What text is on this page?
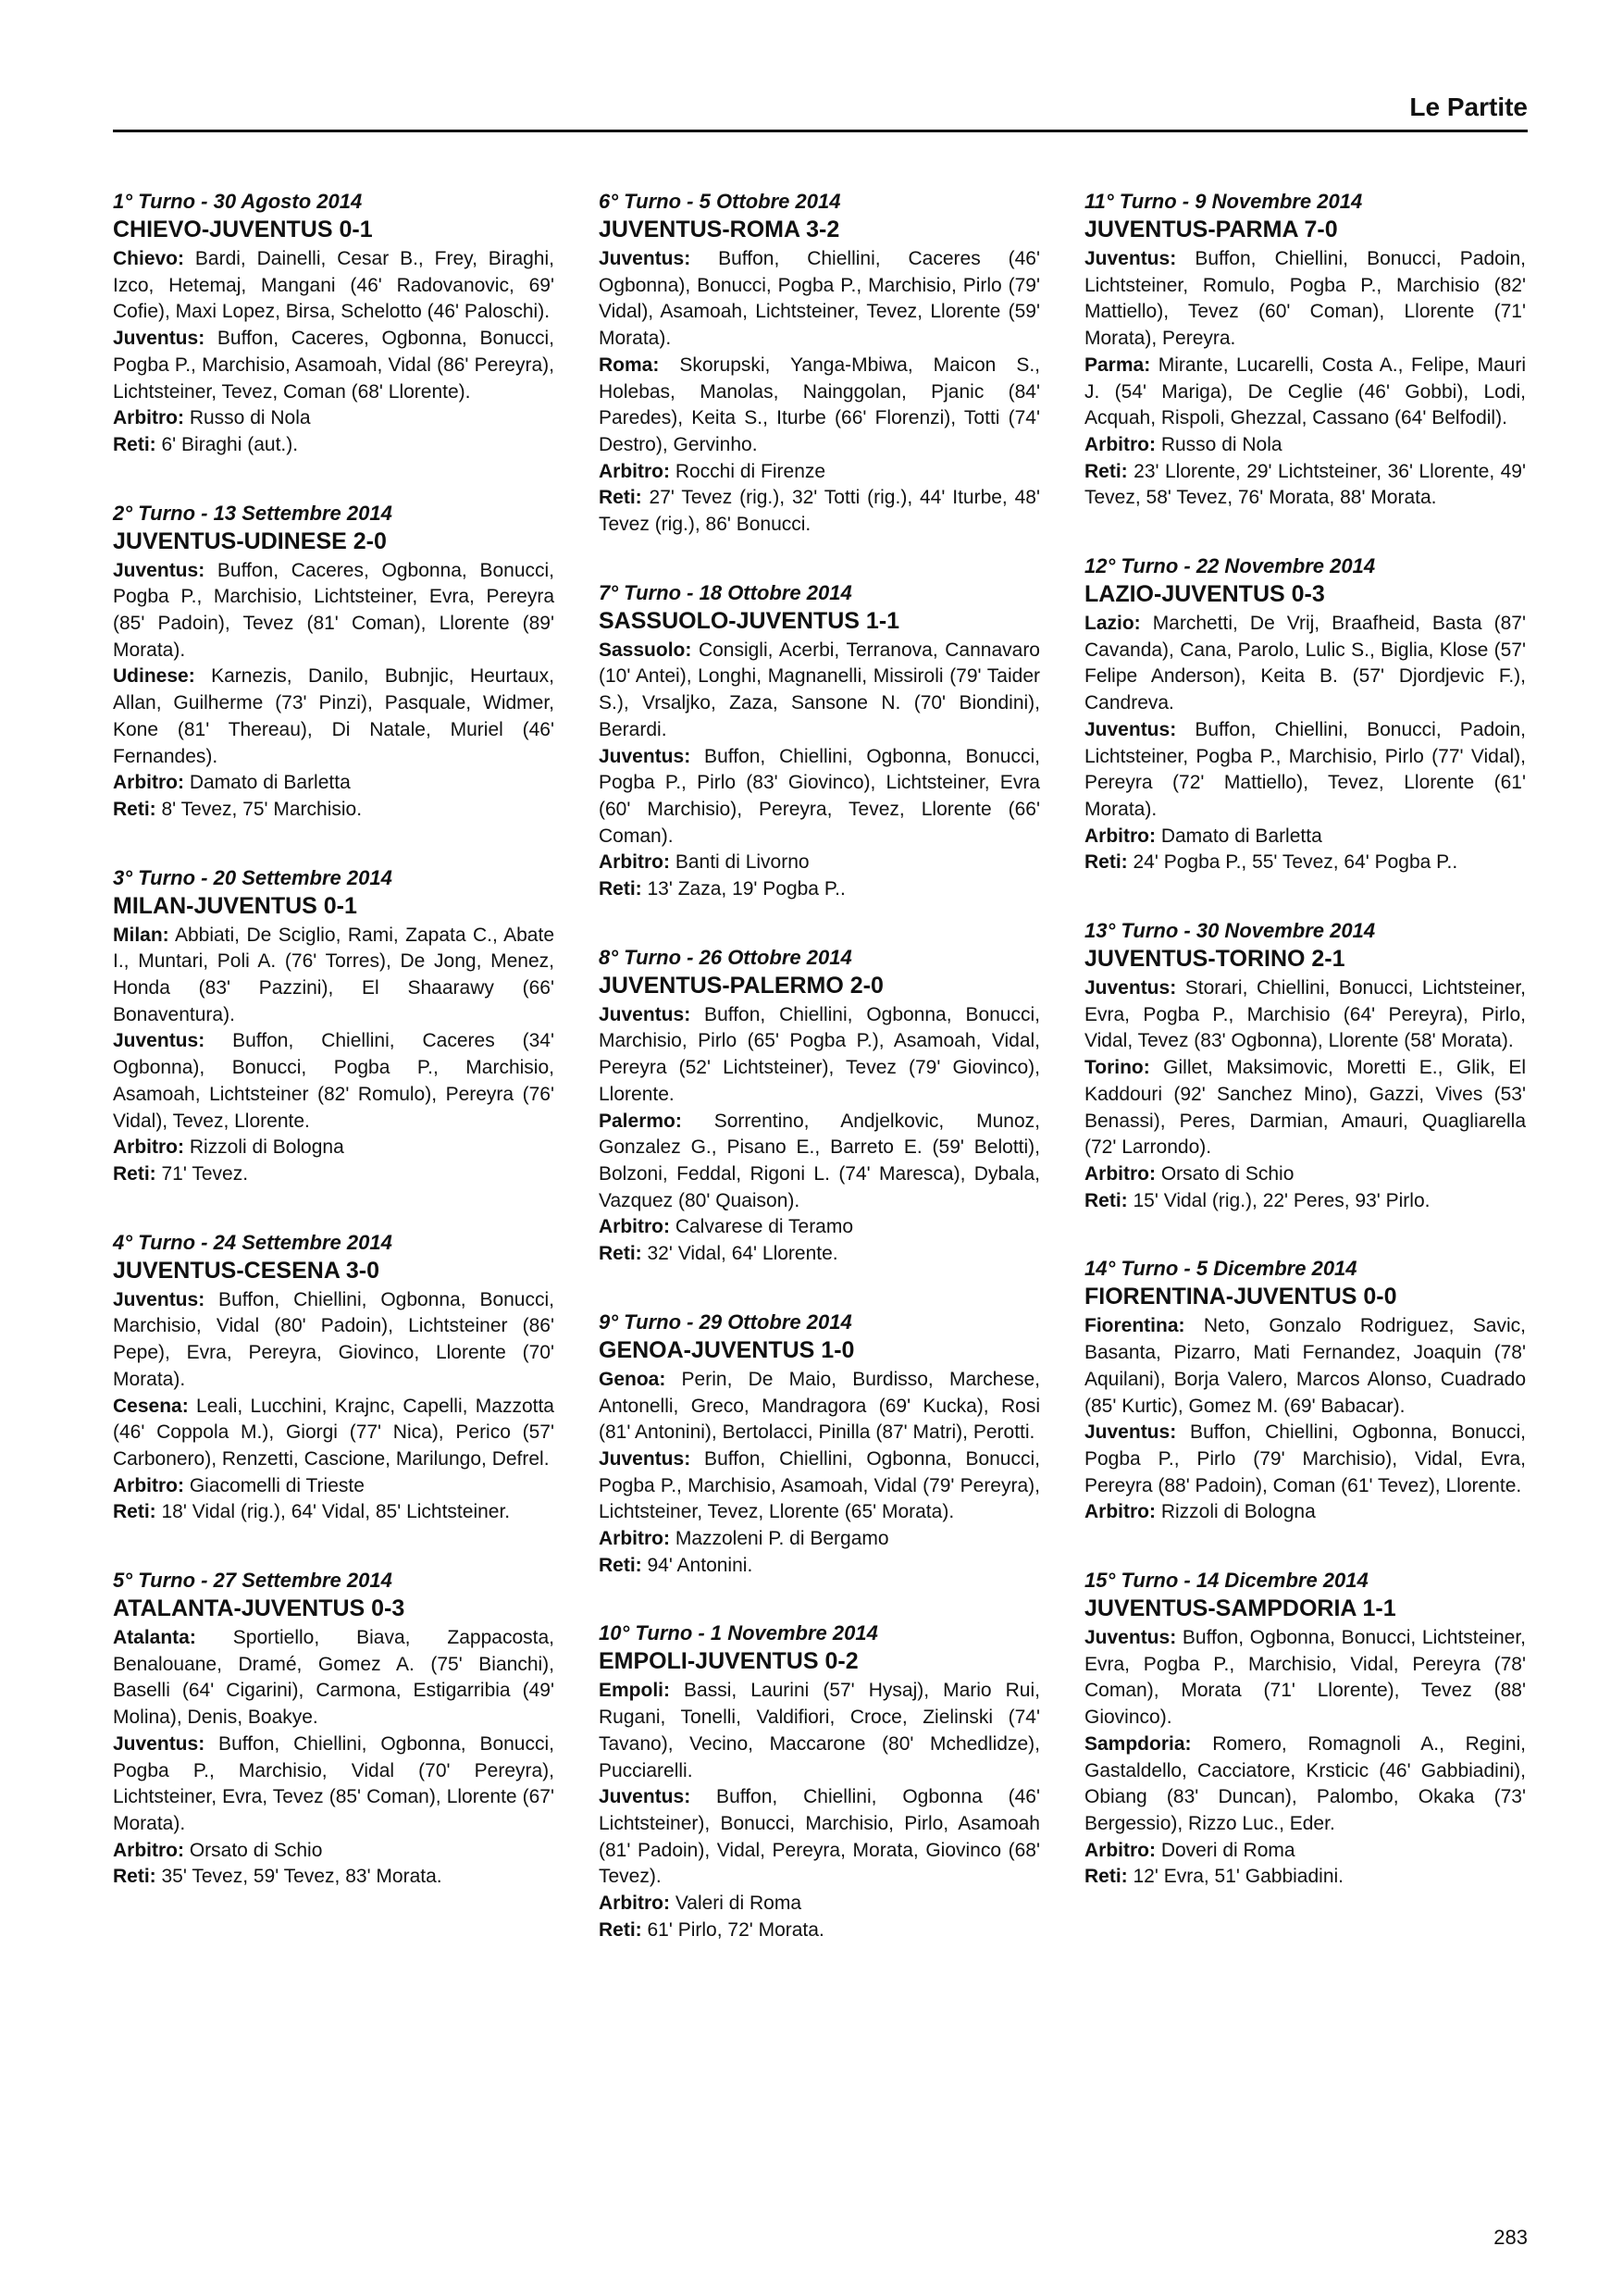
Le Partite
1° Turno - 30 Agosto 2014
CHIEVO-JUVENTUS 0-1

Chievo: Bardi, Dainelli, Cesar B., Frey, Biraghi, Izco, Hetemaj, Mangani (46' Radovanovic, 69' Cofie), Maxi Lopez, Birsa, Schelotto (46' Paloschi).

Juventus: Buffon, Caceres, Ogbonna, Bonucci, Pogba P., Marchisio, Asamoah, Vidal (86' Pereyra), Lichtsteiner, Tevez, Coman (68' Llorente).

Arbitro: Russo di Nola

Reti: 6' Biraghi (aut.).

2° Turno - 13 Settembre 2014
JUVENTUS-UDINESE 2-0

Juventus: Buffon, Caceres, Ogbonna, Bonucci, Pogba P., Marchisio, Lichtsteiner, Evra, Pereyra (85' Padoin), Tevez (81' Coman), Llorente (89' Morata).

Udinese: Karnezis, Danilo, Bubnjic, Heurtaux, Allan, Guilherme (73' Pinzi), Pasquale, Widmer, Kone (81' Thereau), Di Natale, Muriel (46' Fernandes).

Arbitro: Damato di Barletta

Reti: 8' Tevez, 75' Marchisio.

3° Turno - 20 Settembre 2014
MILAN-JUVENTUS 0-1

Milan: Abbiati, De Sciglio, Rami, Zapata C., Abate I., Muntari, Poli A. (76' Torres), De Jong, Menez, Honda (83' Pazzini), El Shaarawy (66' Bonaventura).

Juventus: Buffon, Chiellini, Caceres (34' Ogbonna), Bonucci, Pogba P., Marchisio, Asamoah, Lichtsteiner (82' Romulo), Pereyra (76' Vidal), Tevez, Llorente.

Arbitro: Rizzoli di Bologna

Reti: 71' Tevez.

4° Turno - 24 Settembre 2014
JUVENTUS-CESENA 3-0

Juventus: Buffon, Chiellini, Ogbonna, Bonucci, Marchisio, Vidal (80' Padoin), Lichtsteiner (86' Pepe), Evra, Pereyra, Giovinco, Llorente (70' Morata).

Cesena: Leali, Lucchini, Krajnc, Capelli, Mazzotta (46' Coppola M.), Giorgi (77' Nica), Perico (57' Carbonero), Renzetti, Cascione, Marilungo, Defrel.

Arbitro: Giacomelli di Trieste

Reti: 18' Vidal (rig.), 64' Vidal, 85' Lichtsteiner.

5° Turno - 27 Settembre 2014
ATALANTA-JUVENTUS 0-3

Atalanta: Sportiello, Biava, Zappacosta, Benalouane, Dramé, Gomez A. (75' Bianchi), Baselli (64' Cigarini), Carmona, Estigarribia (49' Molina), Denis, Boakye.

Juventus: Buffon, Chiellini, Ogbonna, Bonucci, Pogba P., Marchisio, Vidal (70' Pereyra), Lichtsteiner, Evra, Tevez (85' Coman), Llorente (67' Morata).

Arbitro: Orsato di Schio

Reti: 35' Tevez, 59' Tevez, 83' Morata.

6° Turno - 5 Ottobre 2014
JUVENTUS-ROMA 3-2

Juventus: Buffon, Chiellini, Caceres (46' Ogbonna), Bonucci, Pogba P., Marchisio, Pirlo (79' Vidal), Asamoah, Lichtsteiner, Tevez, Llorente (59' Morata).

Roma: Skorupski, Yanga-Mbiwa, Maicon S., Holebas, Manolas, Nainggolan, Pjanic (84' Paredes), Keita S., Iturbe (66' Florenzi), Totti (74' Destro), Gervinho.

Arbitro: Rocchi di Firenze

Reti: 27' Tevez (rig.), 32' Totti (rig.), 44' Iturbe, 48' Tevez (rig.), 86' Bonucci.

7° Turno - 18 Ottobre 2014
SASSUOLO-JUVENTUS 1-1

Sassuolo: Consigli, Acerbi, Terranova, Cannavaro (10' Antei), Longhi, Magnanelli, Missiroli (79' Taider S.), Vrsaljko, Zaza, Sansone N. (70' Biondini), Berardi.

Juventus: Buffon, Chiellini, Ogbonna, Bonucci, Pogba P., Pirlo (83' Giovinco), Lichtsteiner, Evra (60' Marchisio), Pereyra, Tevez, Llorente (66' Coman).

Arbitro: Banti di Livorno

Reti: 13' Zaza, 19' Pogba P..

8° Turno - 26 Ottobre 2014
JUVENTUS-PALERMO 2-0

Juventus: Buffon, Chiellini, Ogbonna, Bonucci, Marchisio, Pirlo (65' Pogba P.), Asamoah, Vidal, Pereyra (52' Lichtsteiner), Tevez (79' Giovinco), Llorente.

Palermo: Sorrentino, Andjelkovic, Munoz, Gonzalez G., Pisano E., Barreto E. (59' Belotti), Bolzoni, Feddal, Rigoni L. (74' Maresca), Dybala, Vazquez (80' Quaison).

Arbitro: Calvarese di Teramo

Reti: 32' Vidal, 64' Llorente.

9° Turno - 29 Ottobre 2014
GENOA-JUVENTUS 1-0

Genoa: Perin, De Maio, Burdisso, Marchese, Antonelli, Greco, Mandragora (69' Kucka), Rosi (81' Antonini), Bertolacci, Pinilla (87' Matri), Perotti.

Juventus: Buffon, Chiellini, Ogbonna, Bonucci, Pogba P., Marchisio, Asamoah, Vidal (79' Pereyra), Lichtsteiner, Tevez, Llorente (65' Morata).

Arbitro: Mazzoleni P. di Bergamo

Reti: 94' Antonini.

10° Turno - 1 Novembre 2014
EMPOLI-JUVENTUS 0-2

Empoli: Bassi, Laurini (57' Hysaj), Mario Rui, Rugani, Tonelli, Valdifiori, Croce, Zielinski (74' Tavano), Vecino, Maccarone (80' Mchedlidze), Pucciarelli.

Juventus: Buffon, Chiellini, Ogbonna (46' Lichtsteiner), Bonucci, Marchisio, Pirlo, Asamoah (81' Padoin), Vidal, Pereyra, Morata, Giovinco (68' Tevez).

Arbitro: Valeri di Roma

Reti: 61' Pirlo, 72' Morata.

11° Turno - 9 Novembre 2014
JUVENTUS-PARMA 7-0

Juventus: Buffon, Chiellini, Bonucci, Padoin, Lichtsteiner, Romulo, Pogba P., Marchisio (82' Mattiello), Tevez (60' Coman), Llorente (71' Morata), Pereyra.

Parma: Mirante, Lucarelli, Costa A., Felipe, Mauri J. (54' Mariga), De Ceglie (46' Gobbi), Lodi, Acquah, Rispoli, Ghezzal, Cassano (64' Belfodil).

Arbitro: Russo di Nola

Reti: 23' Llorente, 29' Lichtsteiner, 36' Llorente, 49' Tevez, 58' Tevez, 76' Morata, 88' Morata.

12° Turno - 22 Novembre 2014
LAZIO-JUVENTUS 0-3

Lazio: Marchetti, De Vrij, Braafheid, Basta (87' Cavanda), Cana, Parolo, Lulic S., Biglia, Klose (57' Felipe Anderson), Keita B. (57' Djordjevic F.), Candreva.

Juventus: Buffon, Chiellini, Bonucci, Padoin, Lichtsteiner, Pogba P., Marchisio, Pirlo (77' Vidal), Pereyra (72' Mattiello), Tevez, Llorente (61' Morata).

Arbitro: Damato di Barletta

Reti: 24' Pogba P., 55' Tevez, 64' Pogba P..

13° Turno - 30 Novembre 2014
JUVENTUS-TORINO 2-1

Juventus: Storari, Chiellini, Bonucci, Lichtsteiner, Evra, Pogba P., Marchisio (64' Pereyra), Pirlo, Vidal, Tevez (83' Ogbonna), Llorente (58' Morata).

Torino: Gillet, Maksimovic, Moretti E., Glik, El Kaddouri (92' Sanchez Mino), Gazzi, Vives (53' Benassi), Peres, Darmian, Amauri, Quagliarella (72' Larrondo).

Arbitro: Orsato di Schio

Reti: 15' Vidal (rig.), 22' Peres, 93' Pirlo.

14° Turno - 5 Dicembre 2014
FIORENTINA-JUVENTUS 0-0

Fiorentina: Neto, Gonzalo Rodriguez, Savic, Basanta, Pizarro, Mati Fernandez, Joaquin (78' Aquilani), Borja Valero, Marcos Alonso, Cuadrado (85' Kurtic), Gomez M. (69' Babacar).

Juventus: Buffon, Chiellini, Ogbonna, Bonucci, Pogba P., Pirlo (79' Marchisio), Vidal, Evra, Pereyra (88' Padoin), Coman (61' Tevez), Llorente.

Arbitro: Rizzoli di Bologna

15° Turno - 14 Dicembre 2014
JUVENTUS-SAMPDORIA 1-1

Juventus: Buffon, Ogbonna, Bonucci, Lichtsteiner, Evra, Pogba P., Marchisio, Vidal, Pereyra (78' Coman), Morata (71' Llorente), Tevez (88' Giovinco).

Sampdoria: Romero, Romagnoli A., Regini, Gastaldello, Cacciatore, Krsticic (46' Gabbiadini), Obiang (83' Duncan), Palombo, Okaka (73' Bergessio), Rizzo Luc., Eder.

Arbitro: Doveri di Roma

Reti: 12' Evra, 51' Gabbiadini.

283
